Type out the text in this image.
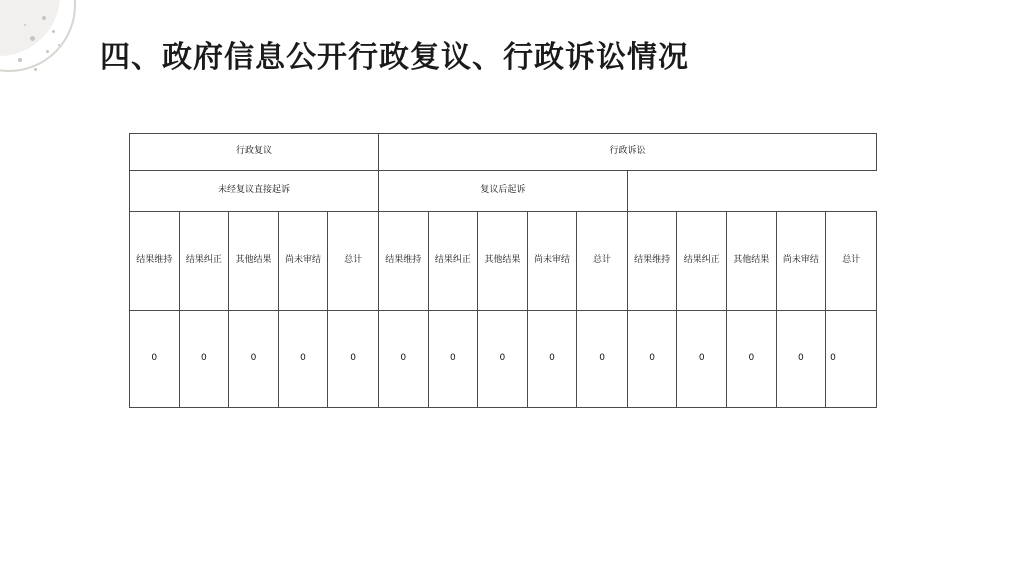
四、政府信息公开行政复议、行政诉讼情况
行政复议					行政诉讼									
未经复议直接起诉					复议后起诉									
结果维持	结果纠正	其他结果	尚未审结	总计	结果维持	结果纠正	其他结果	尚未审结	总计	结果维持	结果纠正	其他结果	尚未审结	总计
0	0	0	0	0	0	0	0	0	0	0	0	0	0	0
